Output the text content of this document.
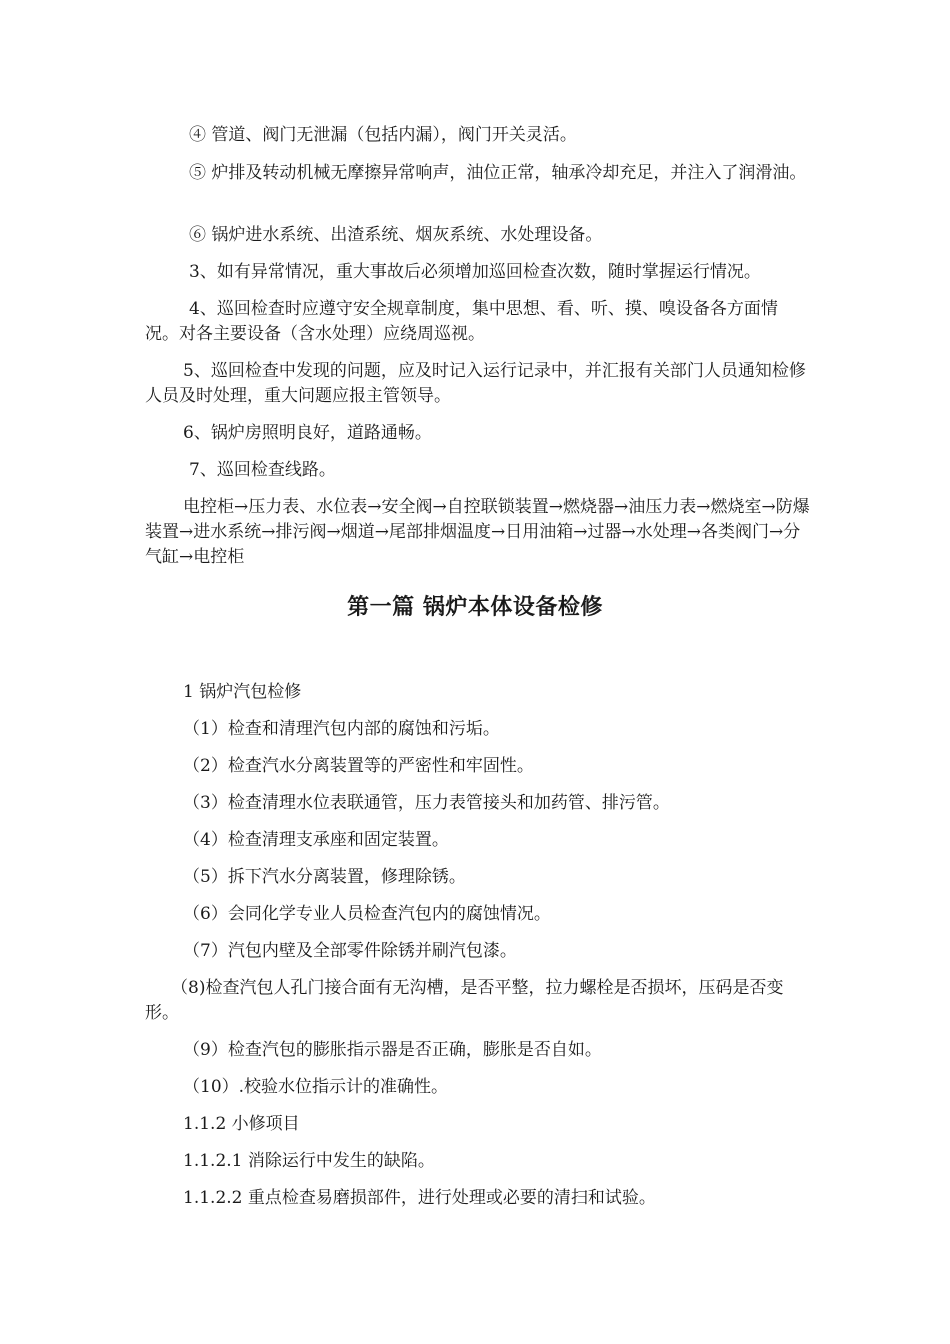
④ 管道、阀门无泄漏（包括内漏），阀门开关灵活。

⑤ 炉排及转动机械无摩擦异常响声，油位正常，轴承冷却充足，并注入了润滑油。

⑥ 锅炉进水系统、出渣系统、烟灰系统、水处理设备。

3、如有异常情况，重大事故后必须增加巡回检查次数，随时掌握运行情况。

4、巡回检查时应遵守安全规章制度，集中思想、看、听、摸、嗅设备各方面情况。对各主要设备（含水处理）应绕周巡视。

5、巡回检查中发现的问题，应及时记入运行记录中，并汇报有关部门人员通知检修人员及时处理，重大问题应报主管领导。

6、锅炉房照明良好，道路通畅。

7、巡回检查线路。

电控柜→压力表、水位表→安全阀→自控联锁装置→燃烧器→油压力表→燃烧室→防爆装置→进水系统→排污阀→烟道→尾部排烟温度→日用油箱→过器→水处理→各类阀门→分气缸→电控柜

第一篇 锅炉本体设备检修

1 锅炉汽包检修

（1）检查和清理汽包内部的腐蚀和污垢。

（2）检查汽水分离装置等的严密性和牢固性。

（3）检查清理水位表联通管，压力表管接头和加药管、排污管。

（4）检查清理支承座和固定装置。

（5）拆下汽水分离装置，修理除锈。

（6）会同化学专业人员检查汽包内的腐蚀情况。

（7）汽包内壁及全部零件除锈并刷汽包漆。

（8)检查汽包人孔门接合面有无沟槽，是否平整，拉力螺栓是否损坏，压码是否变形。

（9）检查汽包的膨胀指示器是否正确，膨胀是否自如。

（10）.校验水位指示计的准确性。

1.1.2 小修项目

1.1.2.1 消除运行中发生的缺陷。

1.1.2.2 重点检查易磨损部件，进行处理或必要的清扫和试验。
